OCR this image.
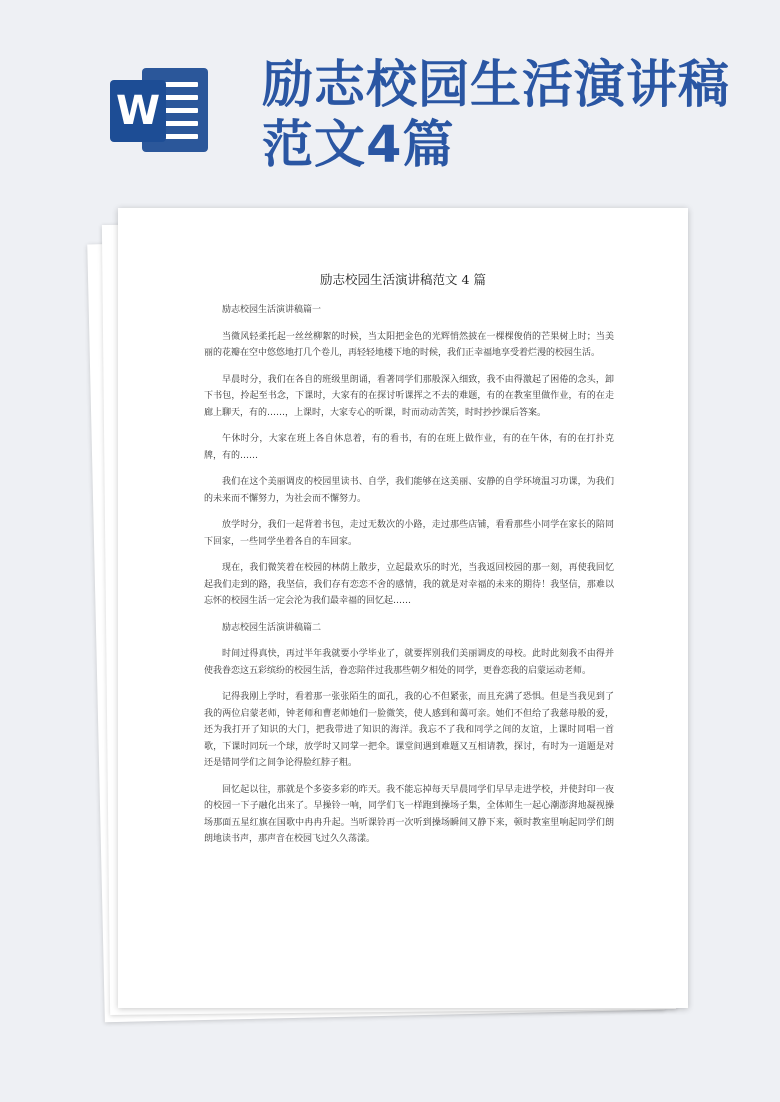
W 励志校园生活演讲稿范文4篇
励志校园生活演讲稿范文 4 篇
励志校园生活演讲稿篇一

当微风轻柔托起一丝丝柳絮的时候，当太阳把金色的光辉悄然披在一棵棵俊俏的芒果树上时；当美丽的花瓣在空中悠悠地打几个卷儿，再轻轻地楼下地的时候，我们正幸福地享受着烂漫的校园生活。

早晨时分，我们在各自的班级里朗诵，看著同学们那般深入细致，我不由得激起了困倦的念头，卸下书包，拎起至书念，下课时，大家有的在探讨听课挥之不去的难题，有的在教室里做作业，有的在走廊上聊天，有的……，上课时，大家专心的听课，时而动动苦笑，时时抄抄课后答案。

午休时分，大家在班上各自休息着，有的看书，有的在班上做作业，有的在午休，有的在打扑克牌，有的……

我们在这个美丽调皮的校园里读书、自学，我们能够在这美丽、安静的自学环境温习功课，为我们的未来而不懈努力，为社会而不懈努力。

放学时分，我们一起背着书包，走过无数次的小路，走过那些店铺，看看那些小同学在家长的陪同下回家，一些同学坐着各自的车回家。

现在，我们微笑着在校园的林荫上散步，立起最欢乐的时光，当我返回校园的那一刻，再使我回忆起我们走到的路，我坚信，我们存有恋恋不舍的感情，我的就是对幸福的未来的期待！我坚信，那难以忘怀的校园生活一定会沦为我们最幸福的回忆起……

励志校园生活演讲稿篇二

时间过得真快，再过半年我就要小学毕业了，就要挥别我们美丽调皮的母校。此时此刻我不由得并使我眷恋这五彩缤纷的校园生活，眷恋陪伴过我那些朝夕相处的同学，更眷恋我的启蒙运动老师。

记得我刚上学时，看着那一张张陌生的面孔，我的心不但紧张，而且充满了恐惧。但是当我见到了我的两位启蒙老师，钟老师和曹老师她们一脸微笑，使人感到和蔼可亲。她们不但给了我慈母般的爱，还为我打开了知识的大门，把我带进了知识的海洋。我忘不了我和同学之间的友谊，上课时同唱一首歌，下课时同玩一个球，放学时又同掌一把伞。课堂间遇到难题又互相请教，探讨，有时为一道题是对还是错同学们之间争论得脸红脖子粗。

回忆起以往，那就是个多姿多彩的昨天。我不能忘掉每天早晨同学们早早走进学校，并使封印一夜的校园一下子融化出来了。早操铃一响，同学们飞一样跑到操场子集，全体师生一起心潮澎湃地凝视操场那面五星红旗在国歌中冉冉升起。当听课铃再一次听到操场瞬间又静下来，顿时教室里响起同学们朗朗地读书声，那声音在校园飞过久久荡漾。
